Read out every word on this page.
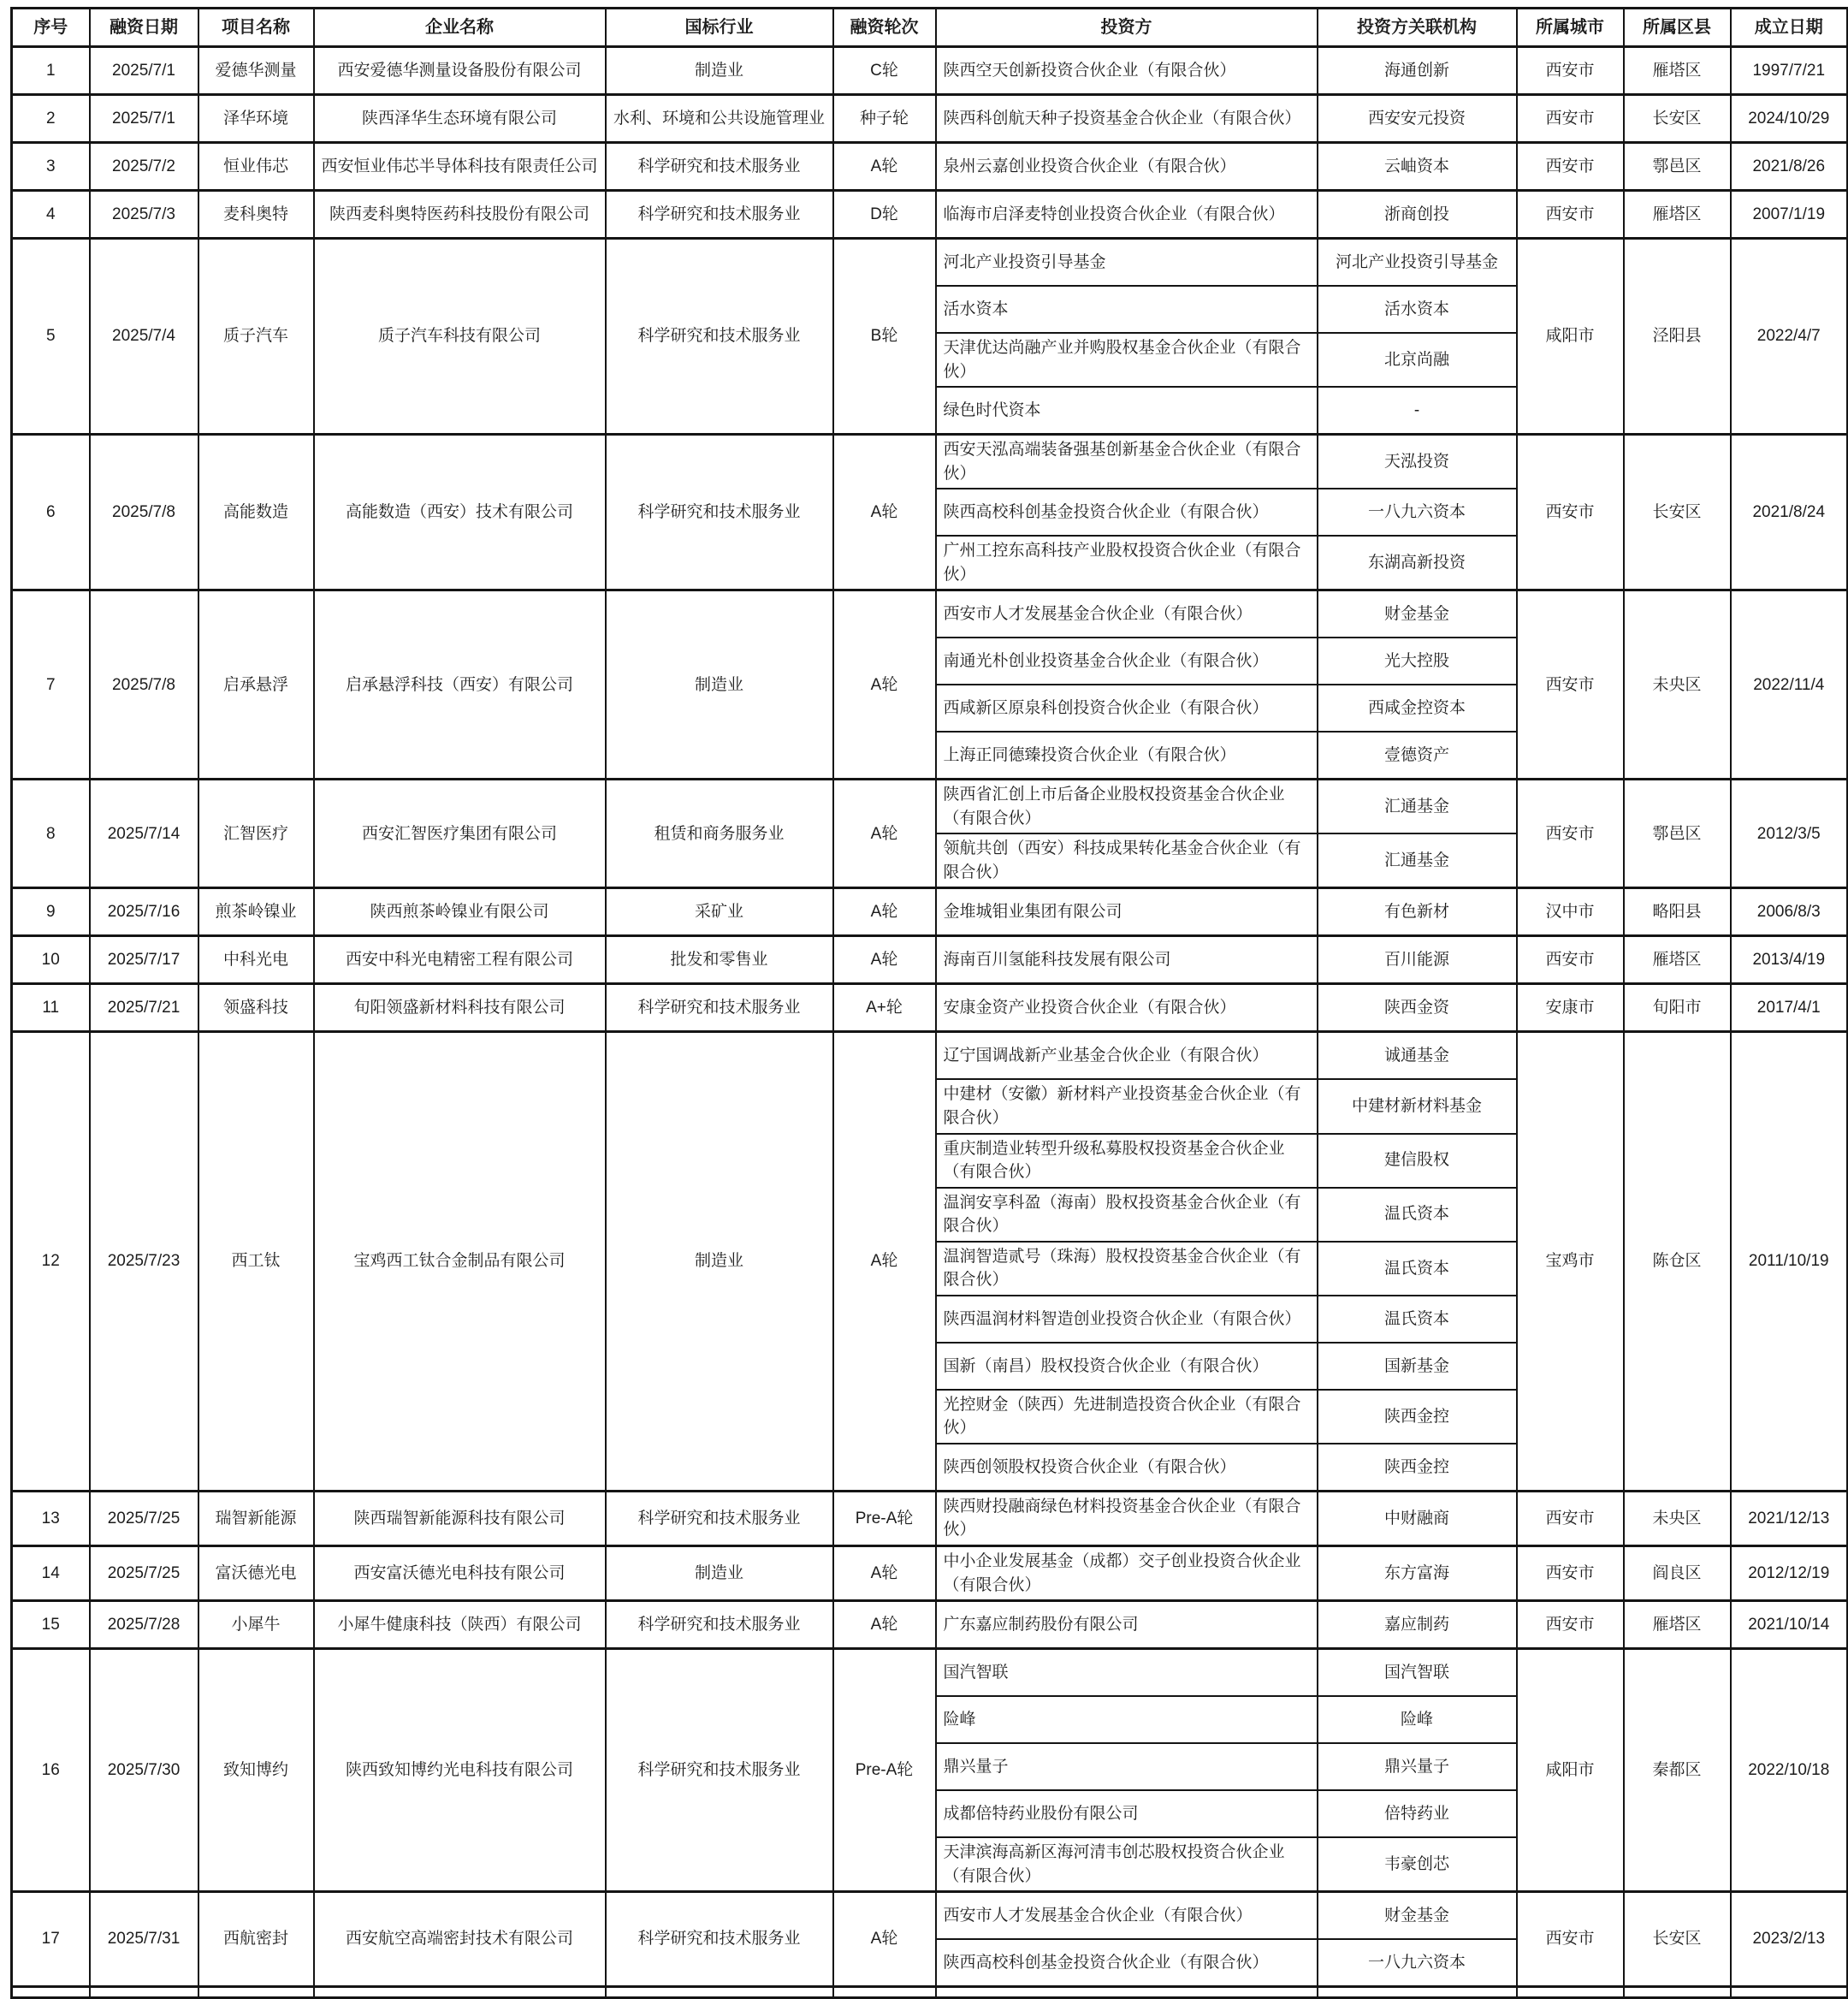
序号	融资日期	项目名称	企业名称	国标行业	融资轮次	投资方	投资方关联机构	所属城市	所属区县	成立日期
1	2025/7/1	爱德华测量	西安爱德华测量设备股份有限公司	制造业	C轮	陕西空天创新投资合伙企业（有限合伙）	海通创新	西安市	雁塔区	1997/7/21
2	2025/7/1	泽华环境	陕西泽华生态环境有限公司	水利、环境和公共设施管理业	种子轮	陕西科创航天种子投资基金合伙企业（有限合伙）	西安安元投资	西安市	长安区	2024/10/29
3	2025/7/2	恒业伟芯	西安恒业伟芯半导体科技有限责任公司	科学研究和技术服务业	A轮	泉州云嘉创业投资合伙企业（有限合伙）	云岫资本	西安市	鄠邑区	2021/8/26
4	2025/7/3	麦科奥特	陕西麦科奥特医药科技股份有限公司	科学研究和技术服务业	D轮	临海市启泽麦特创业投资合伙企业（有限合伙）	浙商创投	西安市	雁塔区	2007/1/19
5	2025/7/4	质子汽车	质子汽车科技有限公司	科学研究和技术服务业	B轮	河北产业投资引导基金	河北产业投资引导基金	咸阳市	泾阳县	2022/4/7
						活水资本	活水资本			
						天津优达尚融产业并购股权基金合伙企业（有限合伙）	北京尚融			
						绿色时代资本	-			
6	2025/7/8	高能数造	高能数造（西安）技术有限公司	科学研究和技术服务业	A轮	西安天泓高端装备强基创新基金合伙企业（有限合伙）	天泓投资	西安市	长安区	2021/8/24
						陕西高校科创基金投资合伙企业（有限合伙）	一八九六资本			
						广州工控东高科技产业股权投资合伙企业（有限合伙）	东湖高新投资			
7	2025/7/8	启承悬浮	启承悬浮科技（西安）有限公司	制造业	A轮	西安市人才发展基金合伙企业（有限合伙）	财金基金	西安市	未央区	2022/11/4
						南通光朴创业投资基金合伙企业（有限合伙）	光大控股			
						西咸新区原泉科创投资合伙企业（有限合伙）	西咸金控资本			
						上海正同德臻投资合伙企业（有限合伙）	壹德资产			
8	2025/7/14	汇智医疗	西安汇智医疗集团有限公司	租赁和商务服务业	A轮	陕西省汇创上市后备企业股权投资基金合伙企业（有限合伙）	汇通基金	西安市	鄠邑区	2012/3/5
						领航共创（西安）科技成果转化基金合伙企业（有限合伙）	汇通基金			
9	2025/7/16	煎茶岭镍业	陕西煎茶岭镍业有限公司	采矿业	A轮	金堆城钼业集团有限公司	有色新材	汉中市	略阳县	2006/8/3
10	2025/7/17	中科光电	西安中科光电精密工程有限公司	批发和零售业	A轮	海南百川氢能科技发展有限公司	百川能源	西安市	雁塔区	2013/4/19
11	2025/7/21	领盛科技	旬阳领盛新材料科技有限公司	科学研究和技术服务业	A+轮	安康金资产业投资合伙企业（有限合伙）	陕西金资	安康市	旬阳市	2017/4/1
12	2025/7/23	西工钛	宝鸡西工钛合金制品有限公司	制造业	A轮	辽宁国调战新产业基金合伙企业（有限合伙）	诚通基金	宝鸡市	陈仓区	2011/10/19
						中建材（安徽）新材料产业投资基金合伙企业（有限合伙）	中建材新材料基金			
						重庆制造业转型升级私募股权投资基金合伙企业（有限合伙）	建信股权			
						温润安享科盈（海南）股权投资基金合伙企业（有限合伙）	温氏资本			
						温润智造贰号（珠海）股权投资基金合伙企业（有限合伙）	温氏资本			
						陕西温润材料智造创业投资合伙企业（有限合伙）	温氏资本			
						国新（南昌）股权投资合伙企业（有限合伙）	国新基金			
						光控财金（陕西）先进制造投资合伙企业（有限合伙）	陕西金控			
						陕西创领股权投资合伙企业（有限合伙）	陕西金控			
13	2025/7/25	瑞智新能源	陕西瑞智新能源科技有限公司	科学研究和技术服务业	Pre-A轮	陕西财投融商绿色材料投资基金合伙企业（有限合伙）	中财融商	西安市	未央区	2021/12/13
14	2025/7/25	富沃德光电	西安富沃德光电科技有限公司	制造业	A轮	中小企业发展基金（成都）交子创业投资合伙企业（有限合伙）	东方富海	西安市	阎良区	2012/12/19
15	2025/7/28	小犀牛	小犀牛健康科技（陕西）有限公司	科学研究和技术服务业	A轮	广东嘉应制药股份有限公司	嘉应制药	西安市	雁塔区	2021/10/14
16	2025/7/30	致知博约	陕西致知博约光电科技有限公司	科学研究和技术服务业	Pre-A轮	国汽智联	国汽智联	咸阳市	秦都区	2022/10/18
						险峰	险峰			
						鼎兴量子	鼎兴量子			
						成都倍特药业股份有限公司	倍特药业			
						天津滨海高新区海河清韦创芯股权投资合伙企业（有限合伙）	韦豪创芯			
17	2025/7/31	西航密封	西安航空高端密封技术有限公司	科学研究和技术服务业	A轮	西安市人才发展基金合伙企业（有限合伙）	财金基金	西安市	长安区	2023/2/13
						陕西高校科创基金投资合伙企业（有限合伙）	一八九六资本			
